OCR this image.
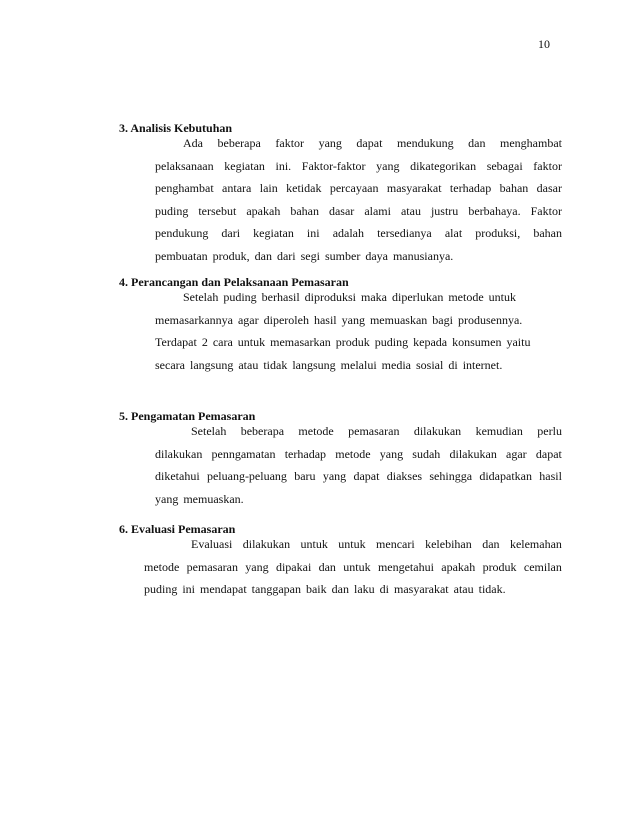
10
3. Analisis Kebutuhan
Ada beberapa faktor yang dapat mendukung dan menghambat
pelaksanaan kegiatan ini. Faktor-faktor yang dikategorikan sebagai faktor
penghambat antara lain ketidak percayaan masyarakat terhadap bahan dasar
puding tersebut apakah bahan dasar alami atau justru berbahaya. Faktor
pendukung dari kegiatan ini adalah tersedianya alat produksi, bahan
pembuatan produk, dan dari segi sumber daya manusianya.
4. Perancangan dan Pelaksanaan Pemasaran
Setelah puding berhasil diproduksi maka diperlukan metode untuk
memasarkannya agar diperoleh hasil yang memuaskan bagi produsennya.
Terdapat 2 cara untuk memasarkan produk puding kepada konsumen yaitu
secara langsung atau tidak langsung melalui media sosial di internet.
5. Pengamatan Pemasaran
Setelah beberapa metode pemasaran dilakukan kemudian perlu
dilakukan penngamatan terhadap metode yang sudah dilakukan agar dapat
diketahui peluang-peluang baru yang dapat diakses sehingga didapatkan hasil
yang memuaskan.
6. Evaluasi Pemasaran
Evaluasi dilakukan untuk untuk mencari kelebihan dan kelemahan
metode pemasaran yang dipakai dan untuk mengetahui apakah produk cemilan
puding ini mendapat tanggapan baik dan laku di masyarakat atau tidak.
